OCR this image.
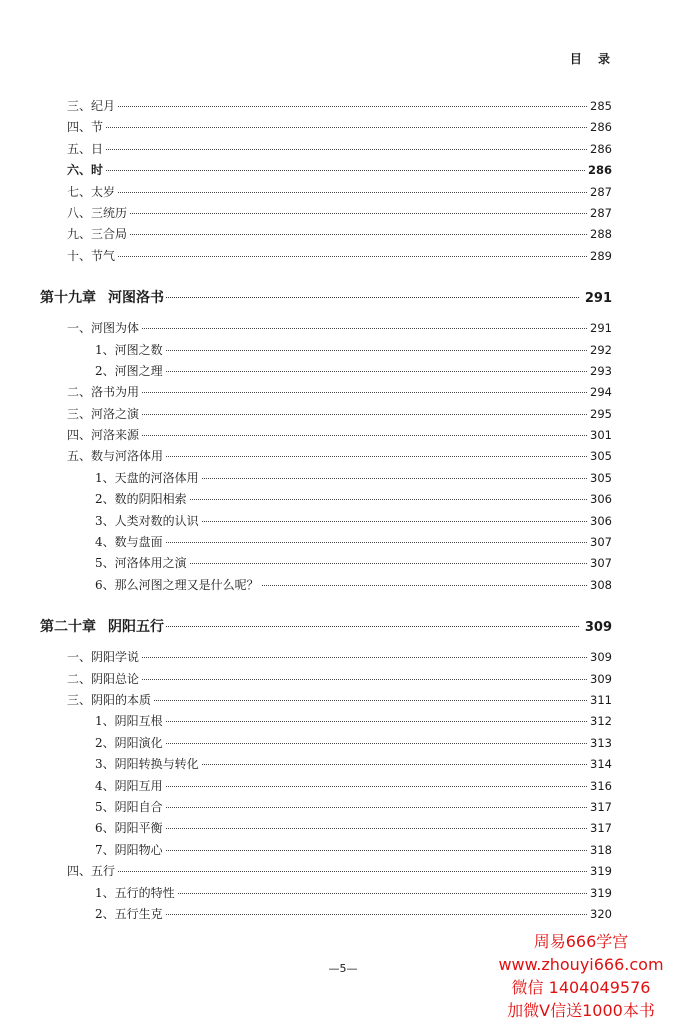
目 录
三、纪月	285
四、节	286
五、日	286
六、时	286
七、太岁	287
八、三统历	287
九、三合局	288
十、节气	289
第十九章 河图洛书	291
一、河图为体	291
1、河图之数	292
2、河图之理	293
二、洛书为用	294
三、河洛之演	295
四、河洛来源	301
五、数与河洛体用	305
1、天盘的河洛体用	305
2、数的阴阳相索	306
3、人类对数的认识	306
4、数与盘面	307
5、河洛体用之演	307
6、那么河图之理又是什么呢？	308
第二十章 阴阳五行	309
一、阴阳学说	309
二、阴阳总论	309
三、阴阳的本质	311
1、阴阳互根	312
2、阴阳演化	313
3、阴阳转换与转化	314
4、阴阳互用	316
5、阴阳自合	317
6、阴阳平衡	317
7、阴阳物心	318
四、五行	319
1、五行的特性	319
2、五行生克	320
—5—
周易666学宫
www.zhouyi666.com
微信 1404049576
加微V信送1000本书
